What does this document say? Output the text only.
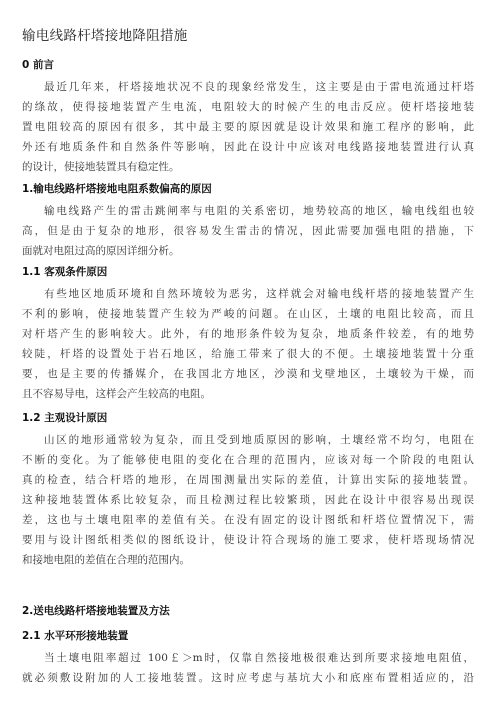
输电线路杆塔接地降阻措施
0 前言
最近几年来，杆塔接地状况不良的现象经常发生，这主要是由于雷电流通过杆塔
的绦故，使得接地装置产生电流，电阻较大的时候产生的电击反应。使杆塔接地装
置电阻较高的原因有很多，其中最主要的原因就是设计效果和施工程序的影响，此
外还有地质条件和自然条件等影响，因此在设计中应该对电线路接地装置进行认真
的设计，使接地装置具有稳定性。
1.输电线路杆塔接地电阻系数偏高的原因
输电线路产生的雷击跳闸率与电阻的关系密切，地势较高的地区，输电线组也较
高，但是由于复杂的地形，很容易发生雷击的情况，因此需要加强电阻的措施，下
面就对电阻过高的原因详细分析。
1.1 客观条件原因
有些地区地质环境和自然环境较为恶劣，这样就会对输电线杆塔的接地装置产生
不利的影响，使接地装置产生较为严峻的问题。在山区，土壤的电阻比较高，而且
对杆塔产生的影响较大。此外，有的地形条件较为复杂，地质条件较差，有的地势
较陡，杆塔的设置处于岩石地区，给施工带来了很大的不便。土壤接地装置十分重
要，也是主要的传播媒介，在我国北方地区，沙漠和戈壁地区，土壤较为干燥，而
且不容易导电，这样会产生较高的电阻。
1.2 主观设计原因
山区的地形通常较为复杂，而且受到地质原因的影响，土壤经常不均匀，电阻在
不断的变化。为了能够使电阻的变化在合理的范围内，应该对每一个阶段的电阻认
真的检查，结合杆塔的地形，在周围测量出实际的差值，计算出实际的接地装置。
这种接地装置体系比较复杂，而且检测过程比较繁琐，因此在设计中很容易出现误
差，这也与土壤电阻率的差值有关。在没有固定的设计图纸和杆塔位置情况下，需
要用与设计图纸相类似的图纸设计，使设计符合现场的施工要求，使杆塔现场情况
和接地电阻的差值在合理的范围内。
2.送电线路杆塔接地装置及方法
2.1 水平环形接地装置
当土壤电阻率超过 100￡＞m时，仅靠自然接地极很难达到所要求接地电阻值，
就必须敷设附加的人工接地装置。这时应考虑与基坑大小和底座布置相适应的，沿
